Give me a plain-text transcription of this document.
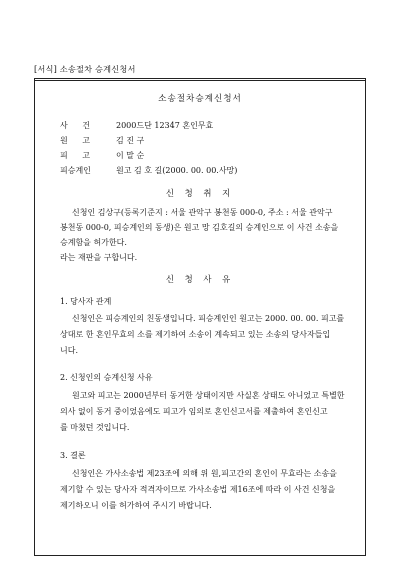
[서식] 소송절차 승계신청서
소송절차승계신청서
사 건	2000드단 12347 혼인무효
원 고	김 진 구
피 고	이 말 순
피승계인	원고 김 호 길(2000. 00. 00.사망)
신 청 취 지
신청인 김상구(등록기준지 : 서울 관악구 봉천동 000-0, 주소 : 서울 관악구
봉천동 000-0, 피승계인의 동생)은 원고 망 김호길의 승계인으로 이 사건 소송을
승계함을 허가한다.
라는 재판을 구합니다.
신 청 사 유
1. 당사자 관계
신청인은 피승계인의 친동생입니다. 피승계인인 원고는 2000. 00. 00. 피고를
상대로 한 혼인무효의 소를 제기하여 소송이 계속되고 있는 소송의 당사자들입
니다.
2. 신청인의 승계신청 사유
원고와 피고는 2000년부터 동거한 상태이지만 사실혼 상태도 아니었고 특별한
의사 없이 동거 중이었음에도 피고가 임의로 혼인신고서를 제출하여 혼인신고
를 마쳤던 것입니다.
3. 결론
신청인은 가사소송법 제23조에 의해 위 원,피고간의 혼인이 무효라는 소송을
제기할 수 있는 당사자 적격자이므로 가사소송법 제16조에 따라 이 사건 신청을
제기하오니 이를 허가하여 주시기 바랍니다.
